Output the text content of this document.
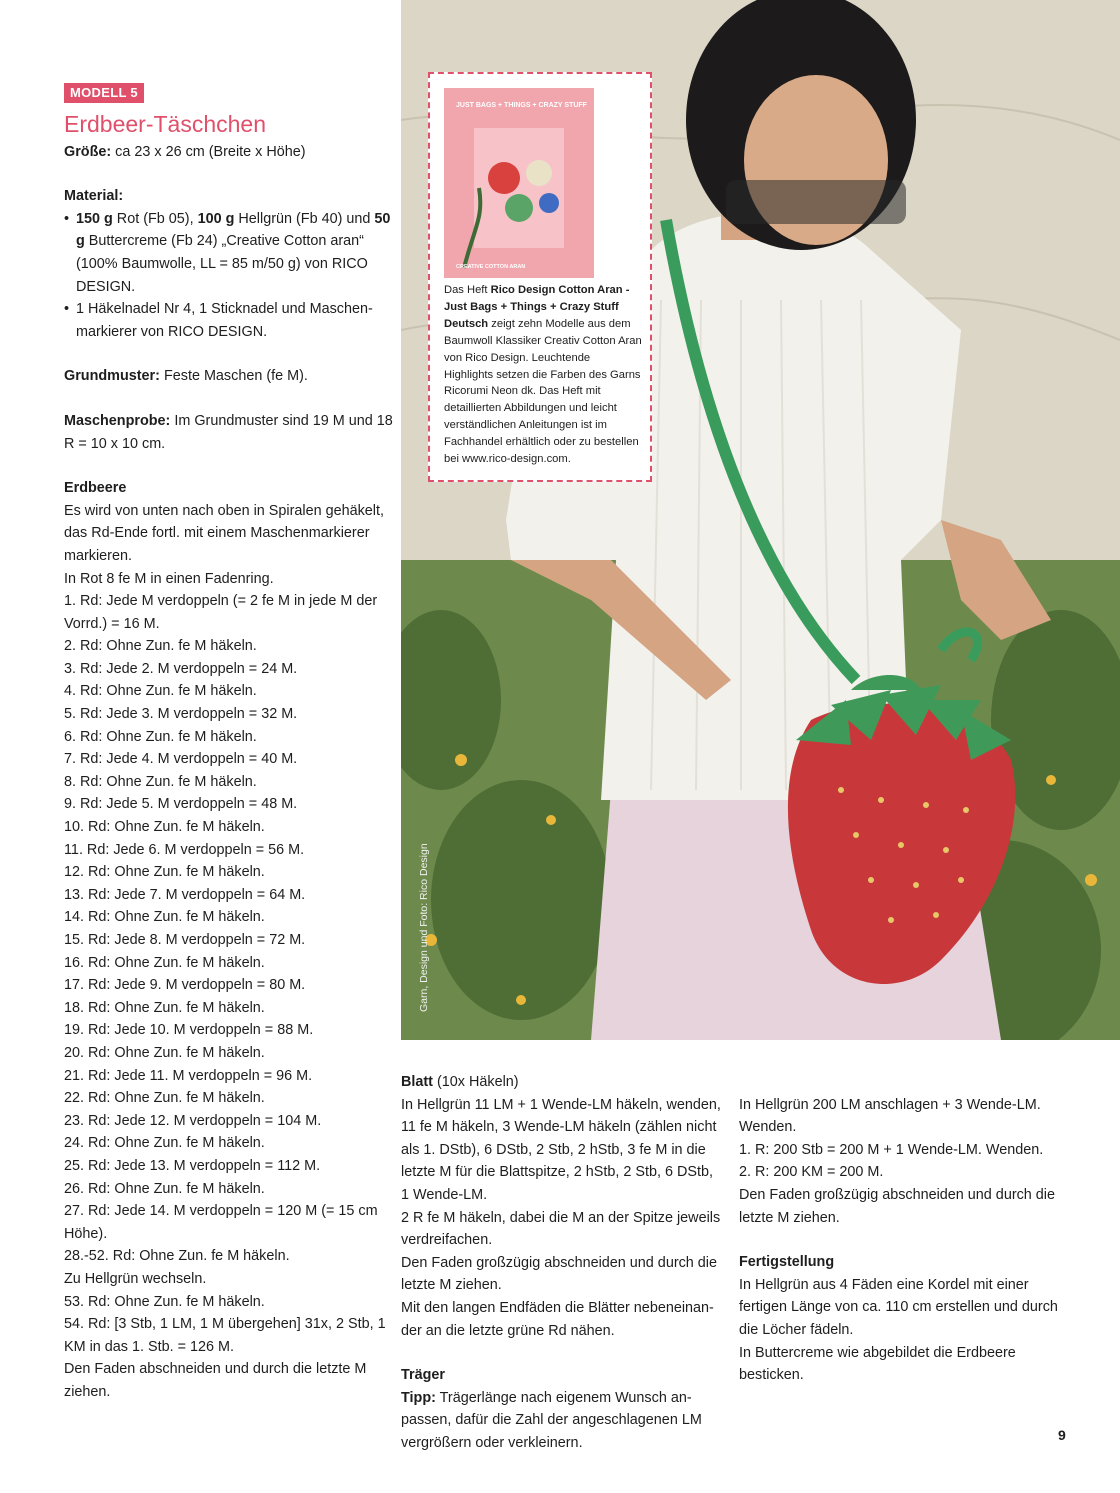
MODELL 5
Erdbeer-Täschchen

Größe: ca 23 x 26 cm (Breite x Höhe)

Material:

• 150 g Rot (Fb 05), 100 g Hellgrün (Fb 40) und 50 g Buttercreme (Fb 24) „Creative Cotton aran“ (100% Baumwolle, LL = 85 m/50 g) von RICO DESIGN.

• 1 Häkelnadel Nr 4, 1 Sticknadel und Maschenmarkierer von RICO DESIGN.

Grundmuster: Feste Maschen (fe M).

Maschenprobe: Im Grundmuster sind 19 M und 18 R = 10 x 10 cm.

Erdbeere

Es wird von unten nach oben in Spiralen gehäkelt, das Rd-Ende fortl. mit einem Maschenmarkierer markieren.

In Rot 8 fe M in einen Fadenring.

1. Rd: Jede M verdoppeln (= 2 fe M in jede M der Vorrd.) = 16 M.

2. Rd: Ohne Zun. fe M häkeln.

3. Rd: Jede 2. M verdoppeln = 24 M.

4. Rd: Ohne Zun. fe M häkeln.

5. Rd: Jede 3. M verdoppeln = 32 M.

6. Rd: Ohne Zun. fe M häkeln.

7. Rd: Jede 4. M verdoppeln = 40 M.

8. Rd: Ohne Zun. fe M häkeln.

9. Rd: Jede 5. M verdoppeln = 48 M.

10. Rd: Ohne Zun. fe M häkeln.

11. Rd: Jede 6. M verdoppeln = 56 M.

12. Rd: Ohne Zun. fe M häkeln.

13. Rd: Jede 7. M verdoppeln = 64 M.

14. Rd: Ohne Zun. fe M häkeln.

15. Rd: Jede 8. M verdoppeln = 72 M.

16. Rd: Ohne Zun. fe M häkeln.

17. Rd: Jede 9. M verdoppeln = 80 M.

18. Rd: Ohne Zun. fe M häkeln.

19. Rd: Jede 10. M verdoppeln = 88 M.

20. Rd: Ohne Zun. fe M häkeln.

21. Rd: Jede 11. M verdoppeln = 96 M.

22. Rd: Ohne Zun. fe M häkeln.

23. Rd: Jede 12. M verdoppeln = 104 M.

24. Rd: Ohne Zun. fe M häkeln.

25. Rd: Jede 13. M verdoppeln = 112 M.

26. Rd: Ohne Zun. fe M häkeln.

27. Rd: Jede 14. M verdoppeln = 120 M (= 15 cm Höhe).

28.-52. Rd: Ohne Zun. fe M häkeln.

Zu Hellgrün wechseln.

53. Rd: Ohne Zun. fe M häkeln.

54. Rd: [3 Stb, 1 LM, 1 M übergehen] 31x, 2 Stb, 1 KM in das 1. Stb. = 126 M.

Den Faden abschneiden und durch die letzte M ziehen.

Garn, Design und Foto: Rico Design
JUST BAGS + THINGS + CRAZY STUFF
CREATIVE COTTON ARAN
Das Heft Rico Design Cotton Aran - Just Bags + Things + Crazy Stuff Deutsch zeigt zehn Modelle aus dem Baumwoll Klassiker Creativ Cotton Aran von Rico Design. Leuchtende Highlights setzen die Farben des Garns Ricorumi Neon dk. Das Heft mit detaillierten Abbildungen und leicht verständlichen Anleitungen ist im Fachhandel erhältlich oder zu bestellen bei www.rico-design.com.

Blatt (10x Häkeln)

In Hellgrün 11 LM + 1 Wende-LM häkeln, wenden, 11 fe M häkeln, 3 Wende-LM häkeln (zählen nicht als 1. DStb), 6 DStb, 2 Stb, 2 hStb, 3 fe M in die letzte M für die Blattspitze, 2 hStb, 2 Stb, 6 DStb, 1 Wende-LM.

2 R fe M häkeln, dabei die M an der Spitze jeweils verdreifachen.

Den Faden großzügig abschneiden und durch die letzte M ziehen.

Mit den langen Endfäden die Blätter nebeneinander an die letzte grüne Rd nähen.

Träger

Tipp: Trägerlänge nach eigenem Wunsch anpassen, dafür die Zahl der angeschlagenen LM vergrößern oder verkleinern.

In Hellgrün 200 LM anschlagen + 3 Wende-LM. Wenden.

1. R: 200 Stb = 200 M + 1 Wende-LM. Wenden.

2. R: 200 KM = 200 M.

Den Faden großzügig abschneiden und durch die letzte M ziehen.

Fertigstellung

In Hellgrün aus 4 Fäden eine Kordel mit einer fertigen Länge von ca. 110 cm erstellen und durch die Löcher fädeln.

In Buttercreme wie abgebildet die Erdbeere besticken.

9
